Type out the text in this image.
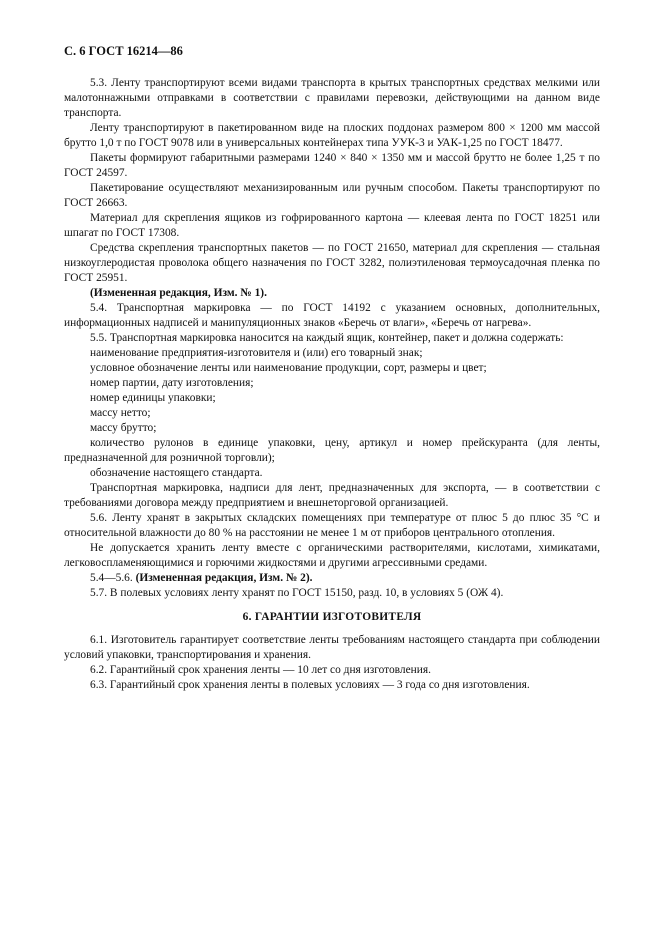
С. 6 ГОСТ 16214—86

5.3. Ленту транспортируют всеми видами транспорта в крытых транспортных средствах мелкими или малотоннажными отправками в соответствии с правилами перевозки, действующими на данном виде транспорта.

Ленту транспортируют в пакетированном виде на плоских поддонах размером 800 × 1200 мм массой брутто 1,0 т по ГОСТ 9078 или в универсальных контейнерах типа УУК-3 и УАК-1,25 по ГОСТ 18477.

Пакеты формируют габаритными размерами 1240 × 840 × 1350 мм и массой брутто не более 1,25 т по ГОСТ 24597.

Пакетирование осуществляют механизированным или ручным способом. Пакеты транспортируют по ГОСТ 26663.

Материал для скрепления ящиков из гофрированного картона — клеевая лента по ГОСТ 18251 или шпагат по ГОСТ 17308.

Средства скрепления транспортных пакетов — по ГОСТ 21650, материал для скрепления — стальная низкоуглеродистая проволока общего назначения по ГОСТ 3282, полиэтиленовая термоусадочная пленка по ГОСТ 25951.

(Измененная редакция, Изм. № 1).

5.4. Транспортная маркировка — по ГОСТ 14192 с указанием основных, дополнительных, информационных надписей и манипуляционных знаков «Беречь от влаги», «Беречь от нагрева».

5.5. Транспортная маркировка наносится на каждый ящик, контейнер, пакет и должна содержать:

наименование предприятия-изготовителя и (или) его товарный знак;

условное обозначение ленты или наименование продукции, сорт, размеры и цвет;

номер партии, дату изготовления;

номер единицы упаковки;

массу нетто;

массу брутто;

количество рулонов в единице упаковки, цену, артикул и номер прейскуранта (для ленты, предназначенной для розничной торговли);

обозначение настоящего стандарта.

Транспортная маркировка, надписи для лент, предназначенных для экспорта, — в соответствии с требованиями договора между предприятием и внешнеторговой организацией.

5.6. Ленту хранят в закрытых складских помещениях при температуре от плюс 5 до плюс 35 °С и относительной влажности до 80 % на расстоянии не менее 1 м от приборов центрального отопления.

Не допускается хранить ленту вместе с органическими растворителями, кислотами, химикатами, легковоспламеняющимися и горючими жидкостями и другими агрессивными средами.

5.4—5.6. (Измененная редакция, Изм. № 2).

5.7. В полевых условиях ленту хранят по ГОСТ 15150, разд. 10, в условиях 5 (ОЖ 4).

6. ГАРАНТИИ ИЗГОТОВИТЕЛЯ

6.1. Изготовитель гарантирует соответствие ленты требованиям настоящего стандарта при соблюдении условий упаковки, транспортирования и хранения.

6.2. Гарантийный срок хранения ленты — 10 лет со дня изготовления.

6.3. Гарантийный срок хранения ленты в полевых условиях — 3 года со дня изготовления.
